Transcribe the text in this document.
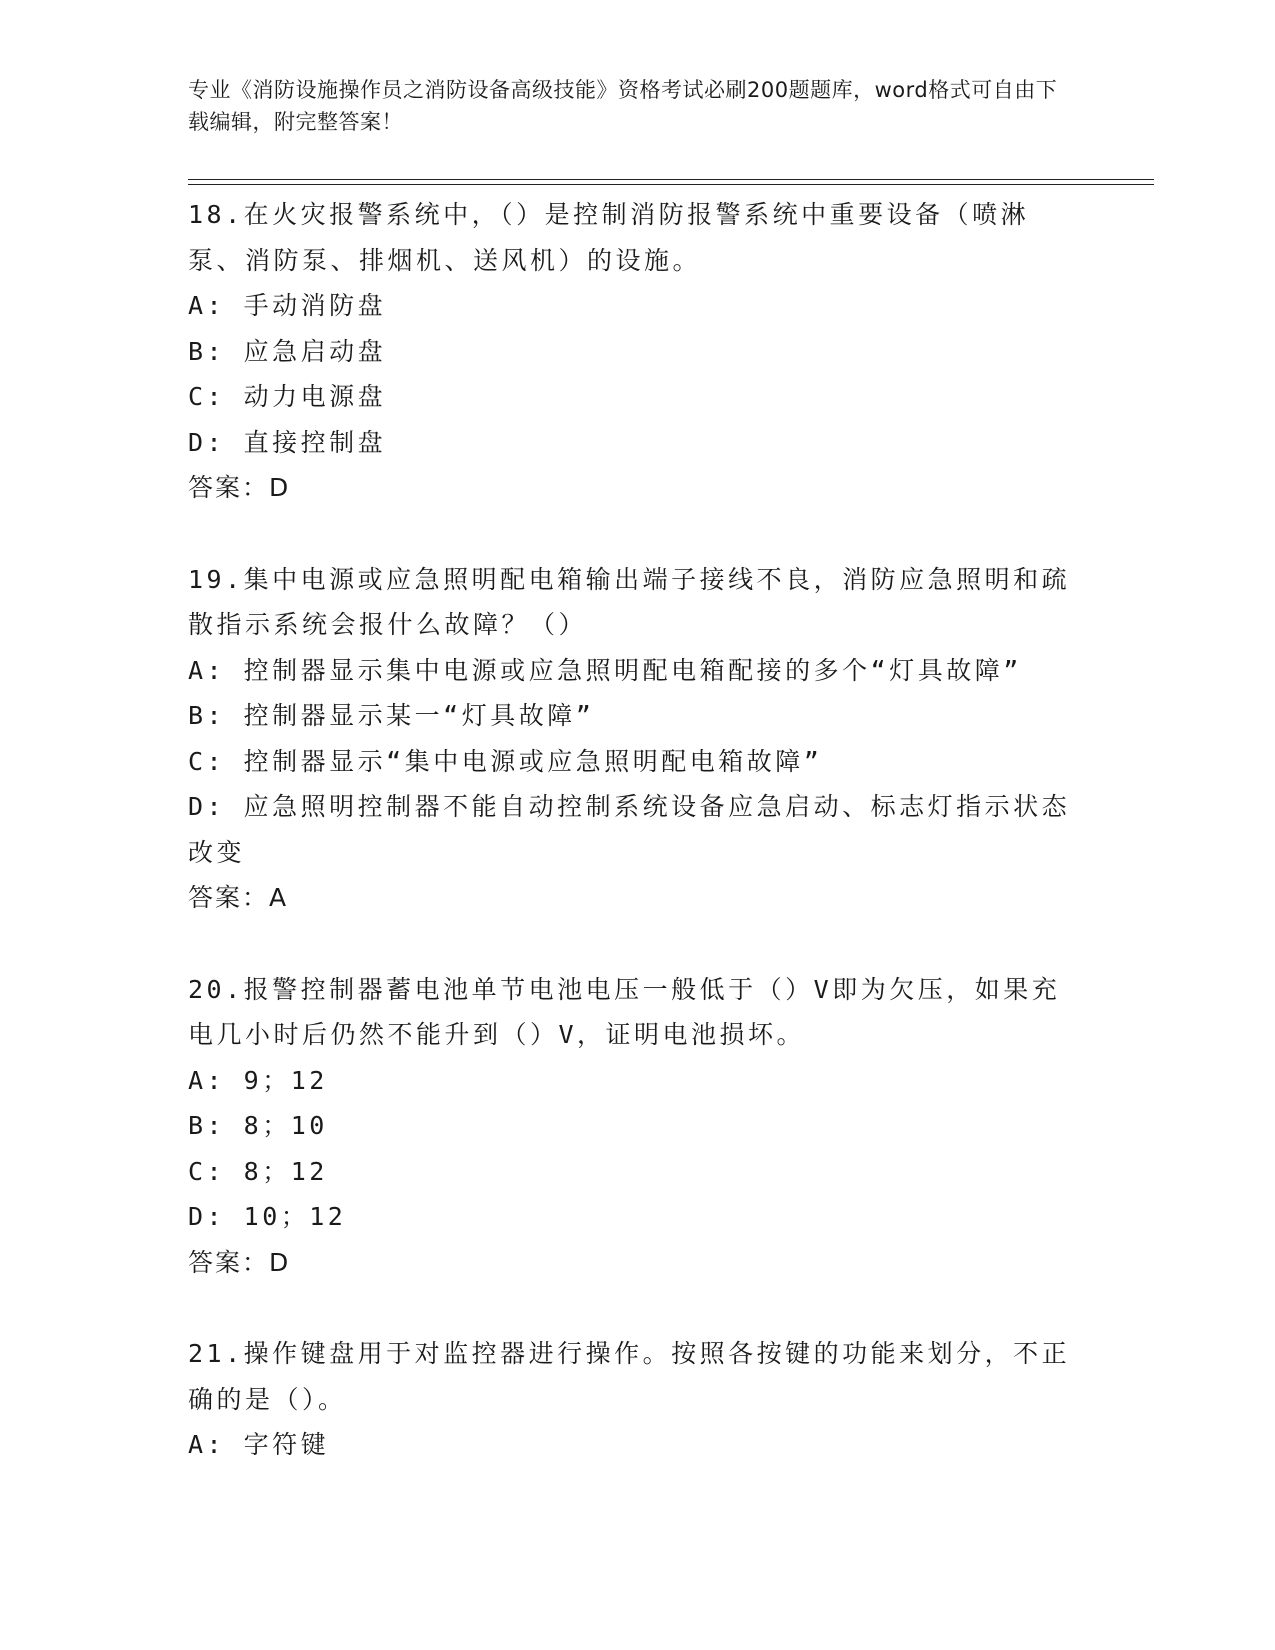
专业《消防设施操作员之消防设备高级技能》资格考试必刷200题题库，word格式可自由下载编辑，附完整答案！
18.在火灾报警系统中，（）是控制消防报警系统中重要设备（喷淋泵、消防泵、排烟机、送风机）的设施。
A: 手动消防盘
B: 应急启动盘
C: 动力电源盘
D: 直接控制盘
答案：D
19.集中电源或应急照明配电箱输出端子接线不良，消防应急照明和疏散指示系统会报什么故障？（）
A: 控制器显示集中电源或应急照明配电箱配接的多个“灯具故障”
B: 控制器显示某一“灯具故障”
C: 控制器显示“集中电源或应急照明配电箱故障”
D: 应急照明控制器不能自动控制系统设备应急启动、标志灯指示状态改变
答案：A
20.报警控制器蓄电池单节电池电压一般低于（）V即为欠压，如果充电几小时后仍然不能升到（）V，证明电池损坏。
A: 9；12
B: 8；10
C: 8；12
D: 10；12
答案：D
21.操作键盘用于对监控器进行操作。按照各按键的功能来划分，不正确的是（）。
A: 字符键
